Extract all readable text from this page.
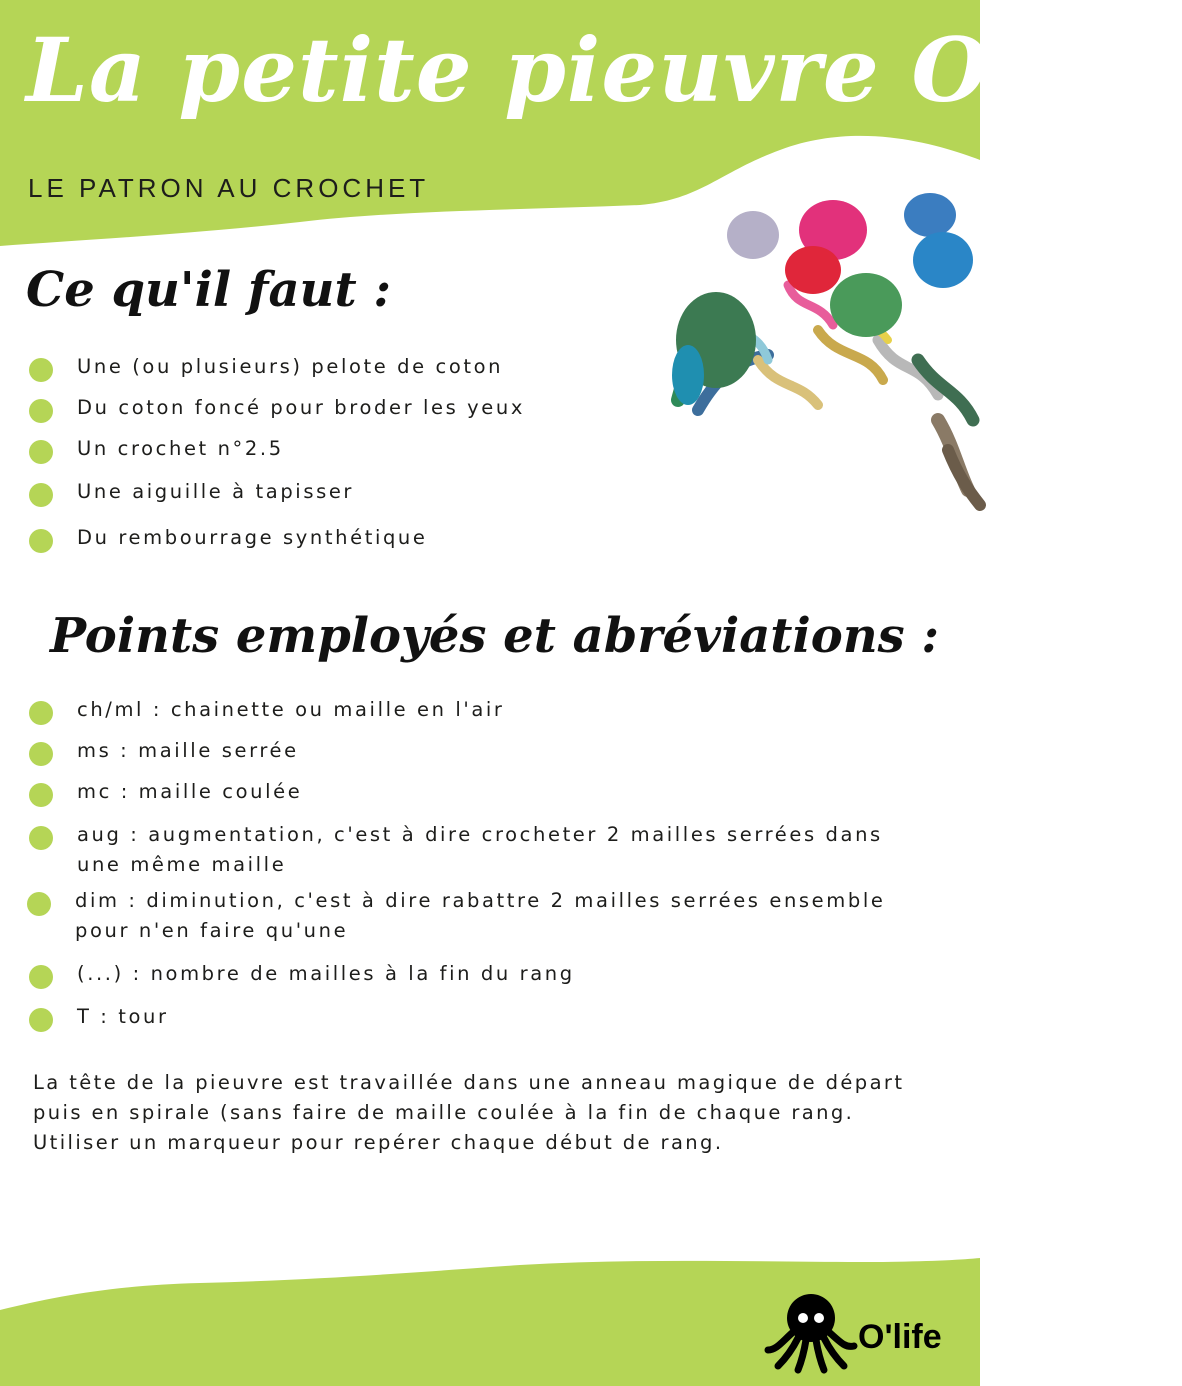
La petite pieuvre O'life
LE PATRON AU CROCHET
Ce qu'il faut :
Une (ou plusieurs) pelote de coton
Du coton foncé pour broder les yeux
Un crochet n°2.5
Une aiguille à tapisser
Du rembourrage synthétique
Points employés et abréviations :
ch/ml : chainette ou maille en l'air
ms : maille serrée
mc : maille coulée
aug : augmentation, c'est à dire crocheter 2 mailles serrées dans une même maille
dim : diminution, c'est à dire rabattre 2 mailles serrées ensemble pour n'en faire qu'une
(...) : nombre de mailles à la fin du rang
T : tour

La tête de la pieuvre est travaillée dans une anneau magique de départ puis en spirale (sans faire de maille coulée à la fin de chaque rang.

Utiliser un marqueur pour repérer chaque début de rang.

O'life
